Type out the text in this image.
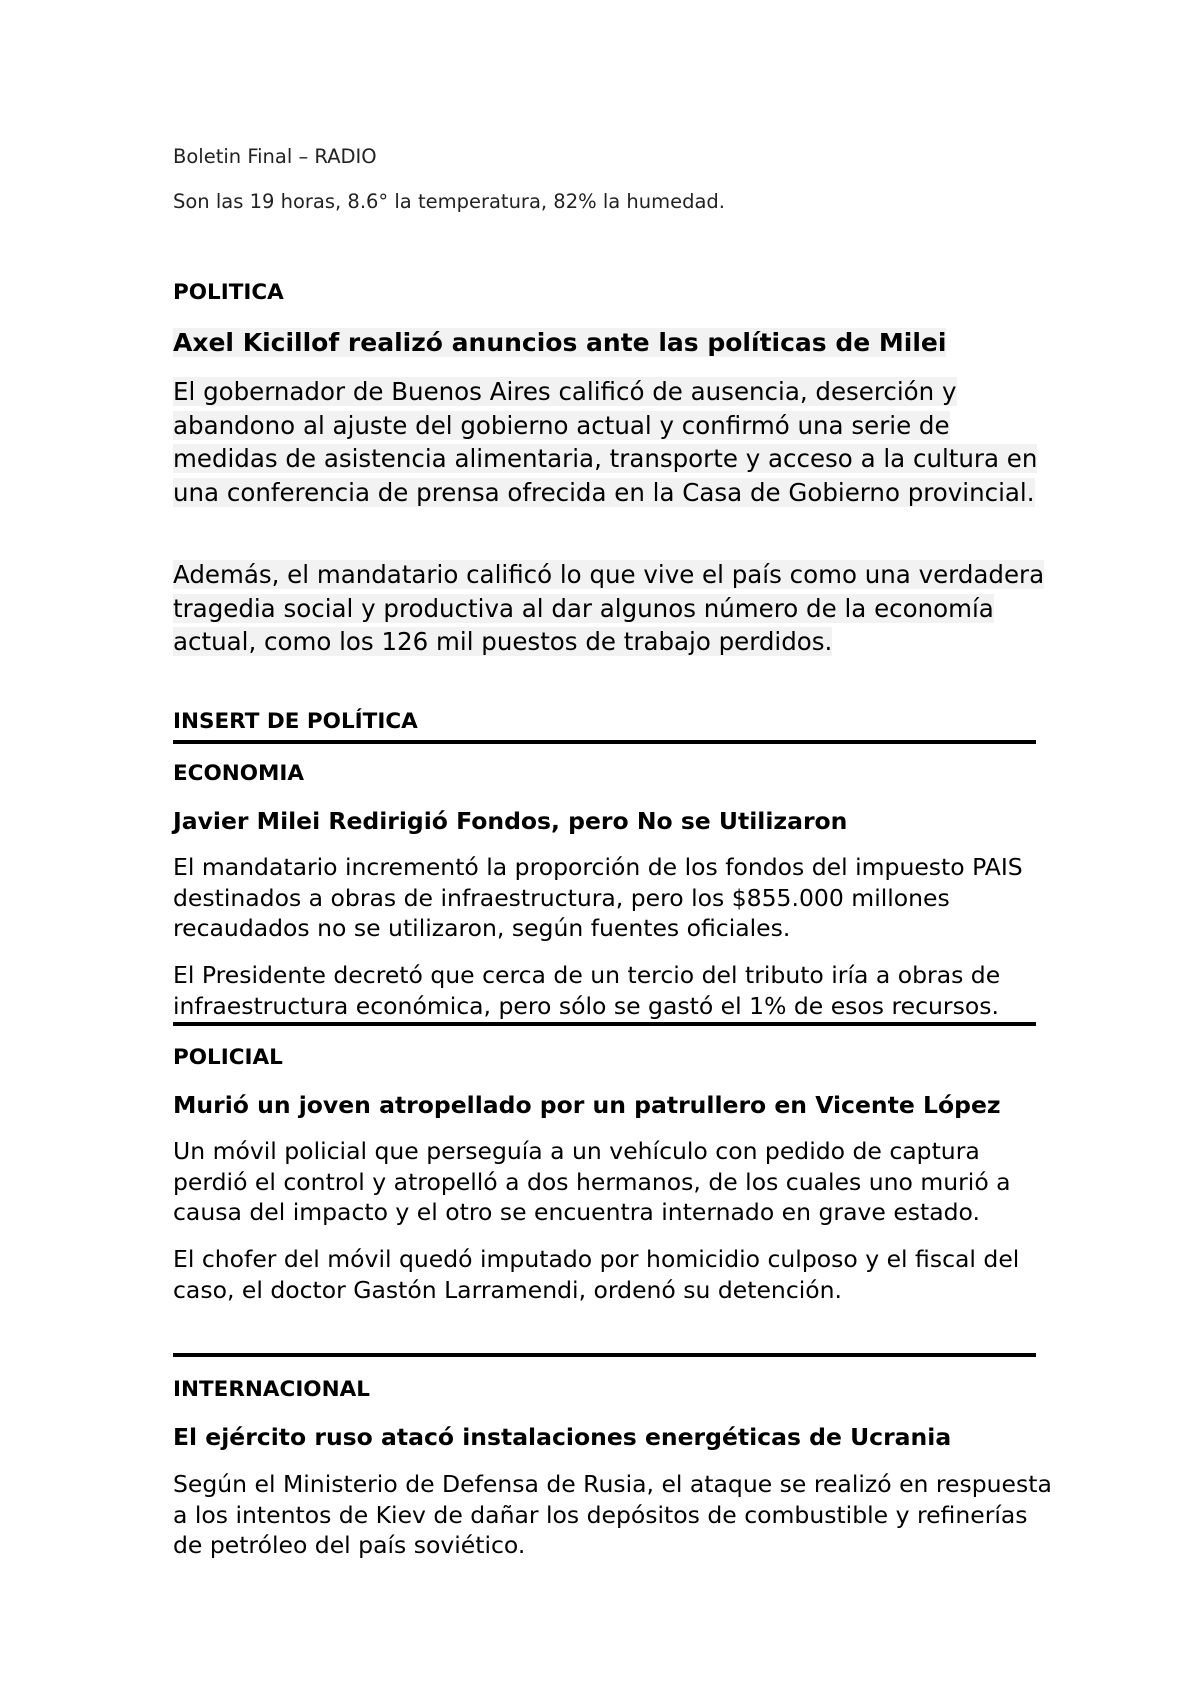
Boletin Final – RADIO

Son las 19 horas, 8.6° la temperatura, 82% la humedad.

POLITICA

Axel Kicillof realizó anuncios ante las políticas de Milei

El gobernador de Buenos Aires calificó de ausencia, deserción y abandono al ajuste del gobierno actual y confirmó una serie de medidas de asistencia alimentaria, transporte y acceso a la cultura en una conferencia de prensa ofrecida en la Casa de Gobierno provincial.

Además, el mandatario calificó lo que vive el país como una verdadera tragedia social y productiva al dar algunos número de la economía actual, como los 126 mil puestos de trabajo perdidos.

INSERT DE POLÍTICA

ECONOMIA

Javier Milei Redirigió Fondos, pero No se Utilizaron

El mandatario incrementó la proporción de los fondos del impuesto PAIS destinados a obras de infraestructura, pero los $855.000 millones recaudados no se utilizaron, según fuentes oficiales.

El Presidente decretó que cerca de un tercio del tributo iría a obras de infraestructura económica, pero sólo se gastó el 1% de esos recursos.

POLICIAL

Murió un joven atropellado por un patrullero en Vicente López

Un móvil policial que perseguía a un vehículo con pedido de captura perdió el control y atropelló a dos hermanos, de los cuales uno murió a causa del impacto y el otro se encuentra internado en grave estado.

El chofer del móvil quedó imputado por homicidio culposo y el fiscal del caso, el doctor Gastón Larramendi, ordenó su detención.

INTERNACIONAL

El ejército ruso atacó instalaciones energéticas de Ucrania

Según el Ministerio de Defensa de Rusia, el ataque se realizó en respuesta a los intentos de Kiev de dañar los depósitos de combustible y refinerías de petróleo del país soviético.
